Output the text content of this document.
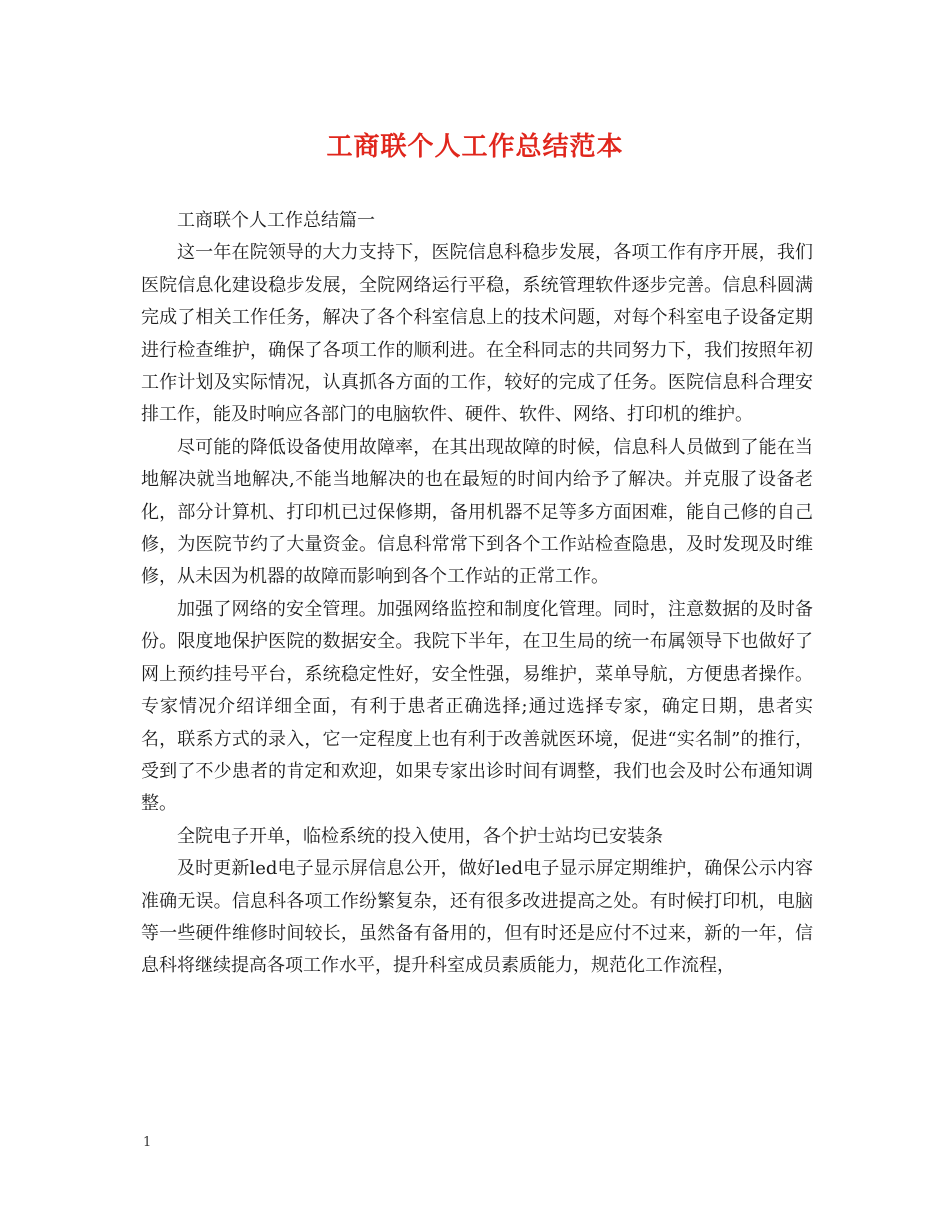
工商联个人工作总结范本

工商联个人工作总结篇一

这一年在院领导的大力支持下，医院信息科稳步发展，各项工作有序开展，我们医院信息化建设稳步发展，全院网络运行平稳，系统管理软件逐步完善。信息科圆满完成了相关工作任务，解决了各个科室信息上的技术问题，对每个科室电子设备定期进行检查维护，确保了各项工作的顺利进。在全科同志的共同努力下，我们按照年初工作计划及实际情况，认真抓各方面的工作，较好的完成了任务。医院信息科合理安排工作，能及时响应各部门的电脑软件、硬件、软件、网络、打印机的维护。

尽可能的降低设备使用故障率，在其出现故障的时候，信息科人员做到了能在当地解决就当地解决,不能当地解决的也在最短的时间内给予了解决。并克服了设备老化，部分计算机、打印机已过保修期，备用机器不足等多方面困难，能自己修的自己修，为医院节约了大量资金。信息科常常下到各个工作站检查隐患，及时发现及时维修，从未因为机器的故障而影响到各个工作站的正常工作。

加强了网络的安全管理。加强网络监控和制度化管理。同时，注意数据的及时备份。限度地保护医院的数据安全。我院下半年，在卫生局的统一布属领导下也做好了网上预约挂号平台，系统稳定性好，安全性强，易维护，菜单导航，方便患者操作。专家情况介绍详细全面，有利于患者正确选择;通过选择专家，确定日期，患者实名，联系方式的录入，它一定程度上也有利于改善就医环境，促进“实名制”的推行，受到了不少患者的肯定和欢迎，如果专家出诊时间有调整，我们也会及时公布通知调整。

全院电子开单，临检系统的投入使用，各个护士站均已安装条

及时更新led电子显示屏信息公开，做好led电子显示屏定期维护，确保公示内容准确无误。信息科各项工作纷繁复杂，还有很多改进提高之处。有时候打印机，电脑等一些硬件维修时间较长，虽然备有备用的，但有时还是应付不过来，新的一年，信息科将继续提高各项工作水平，提升科室成员素质能力，规范化工作流程，

1
